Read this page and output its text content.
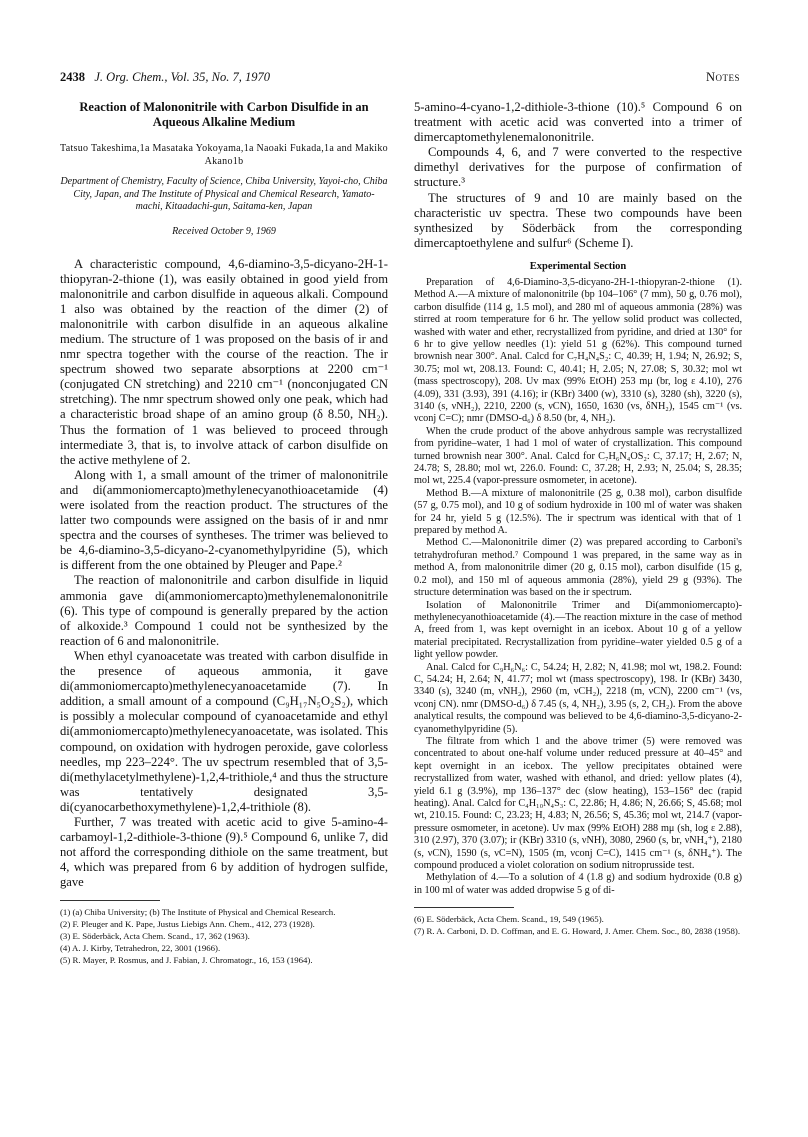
2438 J. Org. Chem., Vol. 35, No. 7, 1970	Notes
Reaction of Malononitrile with Carbon Disulfide in an Aqueous Alkaline Medium
Tatsuo Takeshima,1a Masataka Yokoyama,1a Naoaki Fukada,1a and Makiko Akano1b
Department of Chemistry, Faculty of Science, Chiba University, Yayoi-cho, Chiba City, Japan, and The Institute of Physical and Chemical Research, Yamato-machi, Kitaadachi-gun, Saitama-ken, Japan
Received October 9, 1969

A characteristic compound, 4,6-diamino-3,5-dicyano-2H-1-thiopyran-2-thione (1), was easily obtained in good yield from malononitrile and carbon disulfide in aqueous alkali. Compound 1 also was obtained by the reaction of the dimer (2) of malononitrile with carbon disulfide in an aqueous alkaline medium. The structure of 1 was proposed on the basis of ir and nmr spectra together with the course of the reaction. The ir spectrum showed two separate absorptions at 2200 cm⁻¹ (conjugated CN stretching) and 2210 cm⁻¹ (nonconjugated CN stretching). The nmr spectrum showed only one peak, which had a characteristic broad shape of an amino group (δ 8.50, NH₂). Thus the formation of 1 was believed to proceed through intermediate 3, that is, to involve attack of carbon disulfide on the active methylene of 2.

Along with 1, a small amount of the trimer of malononitrile and di(ammoniomercapto)methylenecyanothioacetamide (4) were isolated from the reaction product. The structures of the latter two compounds were assigned on the basis of ir and nmr spectra and the courses of syntheses. The trimer was believed to be 4,6-diamino-3,5-dicyano-2-cyanomethylpyridine (5), which is different from the one obtained by Pleuger and Pape.²

The reaction of malononitrile and carbon disulfide in liquid ammonia gave di(ammoniomercapto)methylenemalononitrile (6). This type of compound is generally prepared by the action of alkoxide.³ Compound 1 could not be synthesized by the reaction of 6 and malononitrile.

When ethyl cyanoacetate was treated with carbon disulfide in the presence of aqueous ammonia, it gave di(ammoniomercapto)methylenecyanoacetamide (7). In addition, a small amount of a compound (C₉H₁₇N₅O₂S₂), which is possibly a molecular compound of cyanoacetamide and ethyl di(ammoniomercapto)methylenecyanoacetate, was isolated. This compound, on oxidation with hydrogen peroxide, gave colorless needles, mp 223–224°. The uv spectrum resembled that of 3,5-di(methylacetylmethylene)-1,2,4-trithiole,⁴ and thus the structure was tentatively designated 3,5-di(cyanocarbethoxymethylene)-1,2,4-trithiole (8).

Further, 7 was treated with acetic acid to give 5-amino-4-carbamoyl-1,2-dithiole-3-thione (9).⁵ Compound 6, unlike 7, did not afford the corresponding dithiole on the same treatment, but 4, which was prepared from 6 by addition of hydrogen sulfide, gave

(1) (a) Chiba University; (b) The Institute of Physical and Chemical Research.

(2) F. Pleuger and K. Pape, Justus Liebigs Ann. Chem., 412, 273 (1928).

(3) E. Söderbäck, Acta Chem. Scand., 17, 362 (1963).

(4) A. J. Kirby, Tetrahedron, 22, 3001 (1966).

(5) R. Mayer, P. Rosmus, and J. Fabian, J. Chromatogr., 16, 153 (1964).

5-amino-4-cyano-1,2-dithiole-3-thione (10).⁵ Compound 6 on treatment with acetic acid was converted into a trimer of dimercaptomethylenemalononitrile.

Compounds 4, 6, and 7 were converted to the respective dimethyl derivatives for the purpose of confirmation of structure.³

The structures of 9 and 10 are mainly based on the characteristic uv spectra. These two compounds have been synthesized by Söderbäck from the corresponding dimercaptoethylene and sulfur⁶ (Scheme I).

Experimental Section

Preparation of 4,6-Diamino-3,5-dicyano-2H-1-thiopyran-2-thione (1). Method A.—A mixture of malononitrile (bp 104–106° (7 mm), 50 g, 0.76 mol), carbon disulfide (114 g, 1.5 mol), and 280 ml of aqueous ammonia (28%) was stirred at room temperature for 6 hr. The yellow solid product was collected, washed with water and ether, recrystallized from pyridine, and dried at 130° for 6 hr to give yellow needles (1): yield 51 g (62%). This compound turned brownish near 300°. Anal. Calcd for C₇H₄N₄S₂: C, 40.39; H, 1.94; N, 26.92; S, 30.75; mol wt, 208.13. Found: C, 40.41; H, 2.05; N, 27.08; S, 30.32; mol wt (mass spectroscopy), 208. Uv max (99% EtOH) 253 mμ (br, log ε 4.10), 276 (4.09), 331 (3.93), 391 (4.16); ir (KBr) 3400 (w), 3310 (s), 3280 (sh), 3220 (s), 3140 (s, νNH₂), 2210, 2200 (s, νCN), 1650, 1630 (vs, δNH₂), 1545 cm⁻¹ (vs. νconj C=C); nmr (DMSO-d₆) δ 8.50 (br, 4, NH₂).

When the crude product of the above anhydrous sample was recrystallized from pyridine–water, 1 had 1 mol of water of crystallization. This compound turned brownish near 300°. Anal. Calcd for C₇H₆N₄OS₂: C, 37.17; H, 2.67; N, 24.78; S, 28.80; mol wt, 226.0. Found: C, 37.28; H, 2.93; N, 25.04; S, 28.35; mol wt, 225.4 (vapor-pressure osmometer, in acetone).

Method B.—A mixture of malononitrile (25 g, 0.38 mol), carbon disulfide (57 g, 0.75 mol), and 10 g of sodium hydroxide in 100 ml of water was shaken for 24 hr, yield 5 g (12.5%). The ir spectrum was identical with that of 1 prepared by method A.

Method C.—Malononitrile dimer (2) was prepared according to Carboni's tetrahydrofuran method.⁷ Compound 1 was prepared, in the same way as in method A, from malononitrile dimer (20 g, 0.15 mol), carbon disulfide (15 g, 0.2 mol), and 150 ml of aqueous ammonia (28%), yield 29 g (93%). The structure determination was based on the ir spectrum.

Isolation of Malononitrile Trimer and Di(ammoniomercapto)-methylenecyanothioacetamide (4).—The reaction mixture in the case of method A, freed from 1, was kept overnight in an icebox. About 10 g of a yellow material precipitated. Recrystallization from pyridine–water yielded 0.5 g of a light yellow powder.

Anal. Calcd for C₉H₆N₆: C, 54.24; H, 2.82; N, 41.98; mol wt, 198.2. Found: C, 54.24; H, 2.64; N, 41.77; mol wt (mass spectroscopy), 198. Ir (KBr) 3430, 3340 (s), 3240 (m, νNH₂), 2960 (m, νCH₂), 2218 (m, νCN), 2200 cm⁻¹ (vs, νconj CN). nmr (DMSO-d₆) δ 7.45 (s, 4, NH₂), 3.95 (s, 2, CH₂). From the above analytical results, the compound was believed to be 4,6-diamino-3,5-dicyano-2-cyanomethylpyridine (5).

The filtrate from which 1 and the above trimer (5) were removed was concentrated to about one-half volume under reduced pressure at 40–45° and kept overnight in an icebox. The yellow precipitates obtained were recrystallized from water, washed with ethanol, and dried: yellow plates (4), yield 6.1 g (3.9%), mp 136–137° dec (slow heating), 153–156° dec (rapid heating). Anal. Calcd for C₄H₁₀N₄S₃: C, 22.86; H, 4.86; N, 26.66; S, 45.68; mol wt, 210.15. Found: C, 23.23; H, 4.83; N, 26.56; S, 45.36; mol wt, 214.7 (vapor-pressure osmometer, in acetone). Uv max (99% EtOH) 288 mμ (sh, log ε 2.88), 310 (2.97), 370 (3.07); ir (KBr) 3310 (s, νNH), 3080, 2960 (s, br, νNH₄⁺), 2180 (s, νCN), 1590 (s, νC=N), 1505 (m, νconj C=C), 1415 cm⁻¹ (s, δNH₄⁺). The compound produced a violet coloration on sodium nitroprusside test.

Methylation of 4.—To a solution of 4 (1.8 g) and sodium hydroxide (0.8 g) in 100 ml of water was added dropwise 5 g of di-

(6) E. Söderbäck, Acta Chem. Scand., 19, 549 (1965).

(7) R. A. Carboni, D. D. Coffman, and E. G. Howard, J. Amer. Chem. Soc., 80, 2838 (1958).
